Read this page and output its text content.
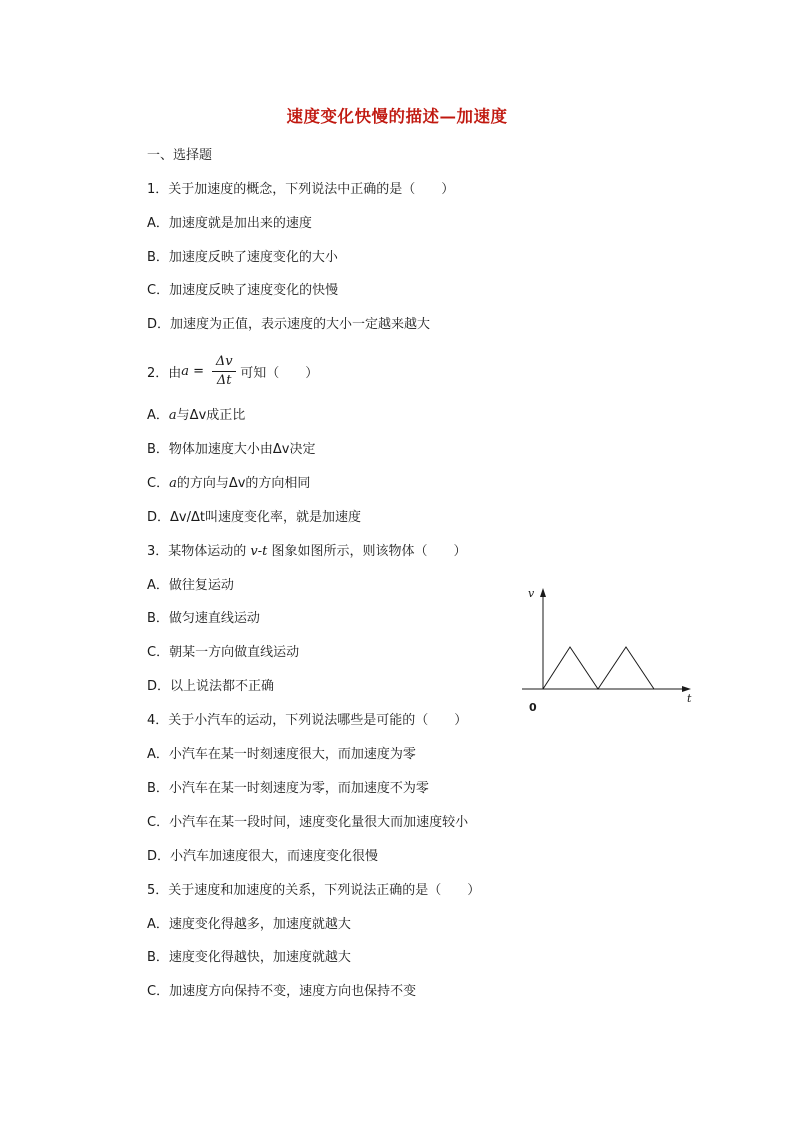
速度变化快慢的描述—加速度
一、选择题
1．关于加速度的概念，下列说法中正确的是（　　）
A．加速度就是加出来的速度
B．加速度反映了速度变化的大小
C．加速度反映了速度变化的快慢
D．加速度为正值，表示速度的大小一定越来越大
2．由 $a = \frac{\Delta v}{\Delta t}$ 可知（　　）
A．a与Δv成正比
B．物体加速度大小由Δv决定
C．a的方向与Δv的方向相同
D．Δv/Δt叫速度变化率，就是加速度
3．某物体运动的 v-t 图象如图所示，则该物体（　　）
A．做往复运动
B．做匀速直线运动
C．朝某一方向做直线运动
D．以上说法都不正确
v
t
0
4．关于小汽车的运动，下列说法哪些是可能的（　　）
A．小汽车在某一时刻速度很大，而加速度为零
B．小汽车在某一时刻速度为零，而加速度不为零
C．小汽车在某一段时间，速度变化量很大而加速度较小
D．小汽车加速度很大，而速度变化很慢
5．关于速度和加速度的关系，下列说法正确的是（　　）
A．速度变化得越多，加速度就越大
B．速度变化得越快，加速度就越大
C．加速度方向保持不变，速度方向也保持不变
